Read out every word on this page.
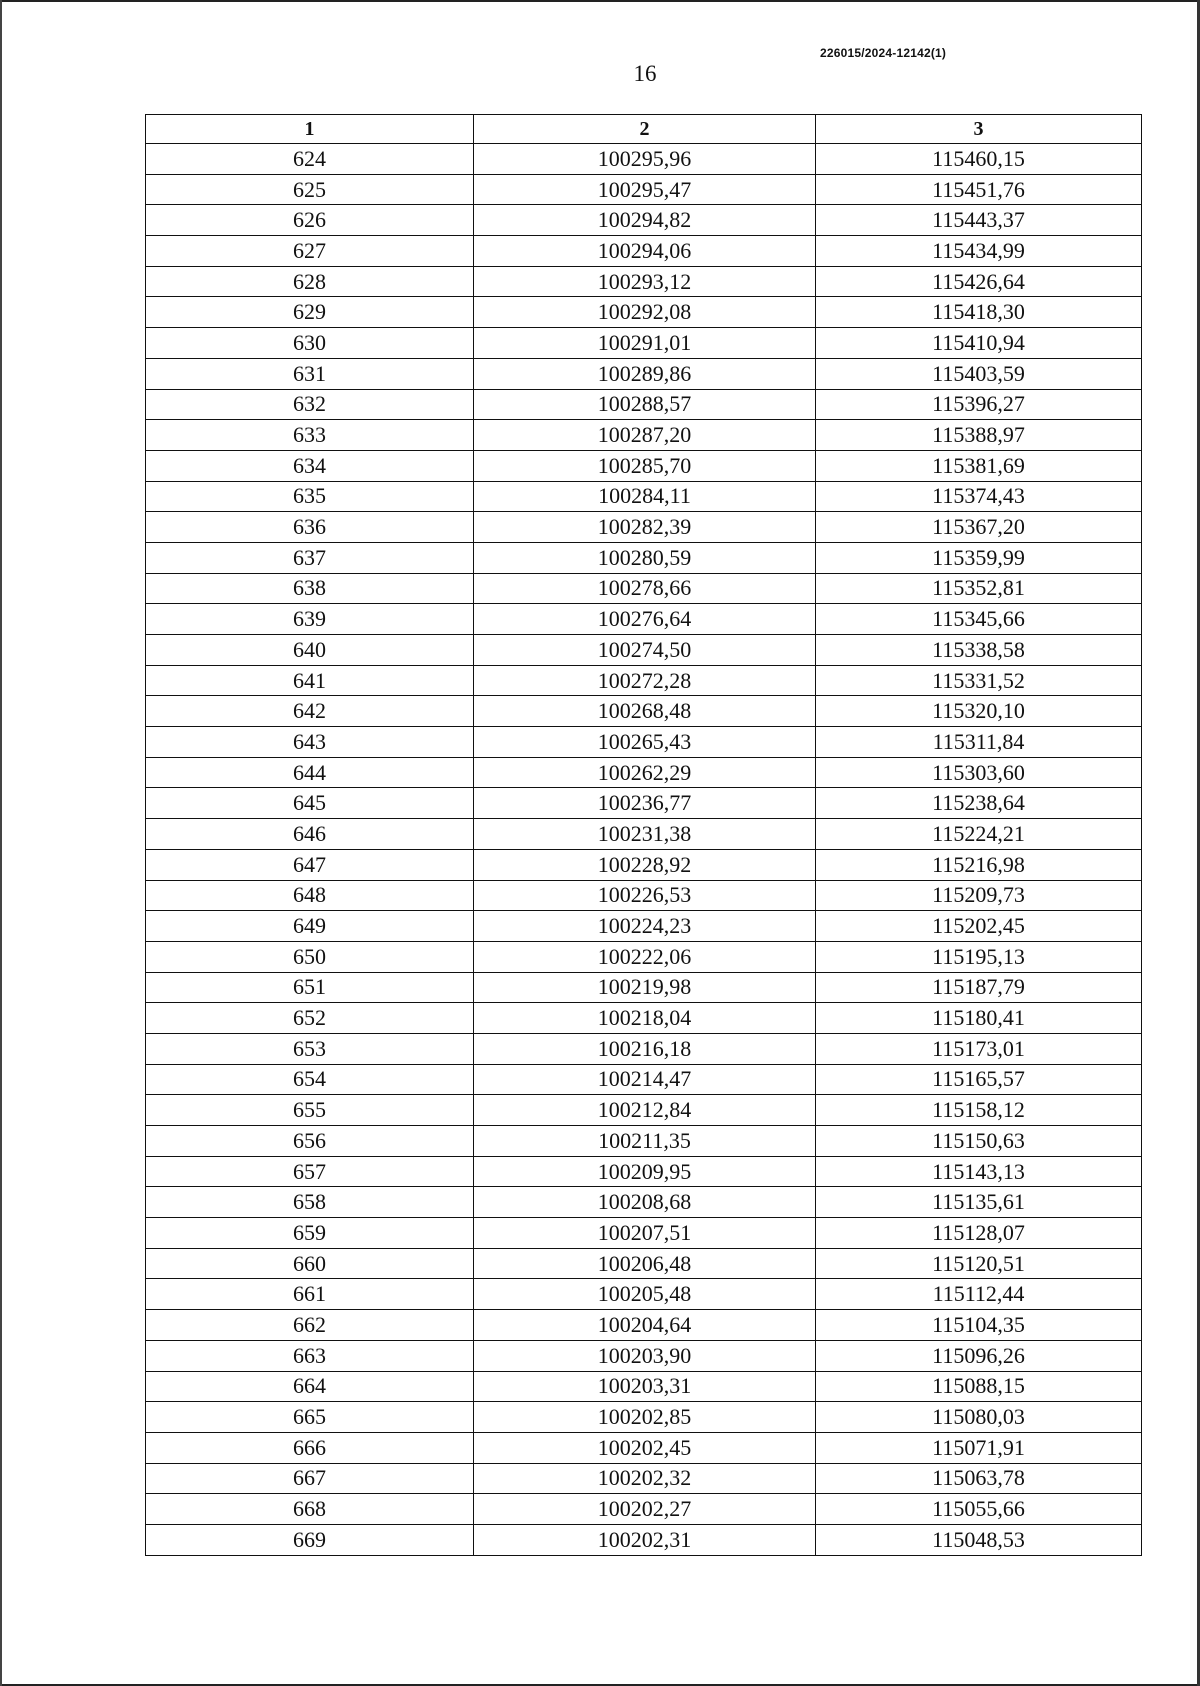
226015/2024-12142(1)
16
1	2	3
624	100295,96	115460,15
625	100295,47	115451,76
626	100294,82	115443,37
627	100294,06	115434,99
628	100293,12	115426,64
629	100292,08	115418,30
630	100291,01	115410,94
631	100289,86	115403,59
632	100288,57	115396,27
633	100287,20	115388,97
634	100285,70	115381,69
635	100284,11	115374,43
636	100282,39	115367,20
637	100280,59	115359,99
638	100278,66	115352,81
639	100276,64	115345,66
640	100274,50	115338,58
641	100272,28	115331,52
642	100268,48	115320,10
643	100265,43	115311,84
644	100262,29	115303,60
645	100236,77	115238,64
646	100231,38	115224,21
647	100228,92	115216,98
648	100226,53	115209,73
649	100224,23	115202,45
650	100222,06	115195,13
651	100219,98	115187,79
652	100218,04	115180,41
653	100216,18	115173,01
654	100214,47	115165,57
655	100212,84	115158,12
656	100211,35	115150,63
657	100209,95	115143,13
658	100208,68	115135,61
659	100207,51	115128,07
660	100206,48	115120,51
661	100205,48	115112,44
662	100204,64	115104,35
663	100203,90	115096,26
664	100203,31	115088,15
665	100202,85	115080,03
666	100202,45	115071,91
667	100202,32	115063,78
668	100202,27	115055,66
669	100202,31	115048,53
